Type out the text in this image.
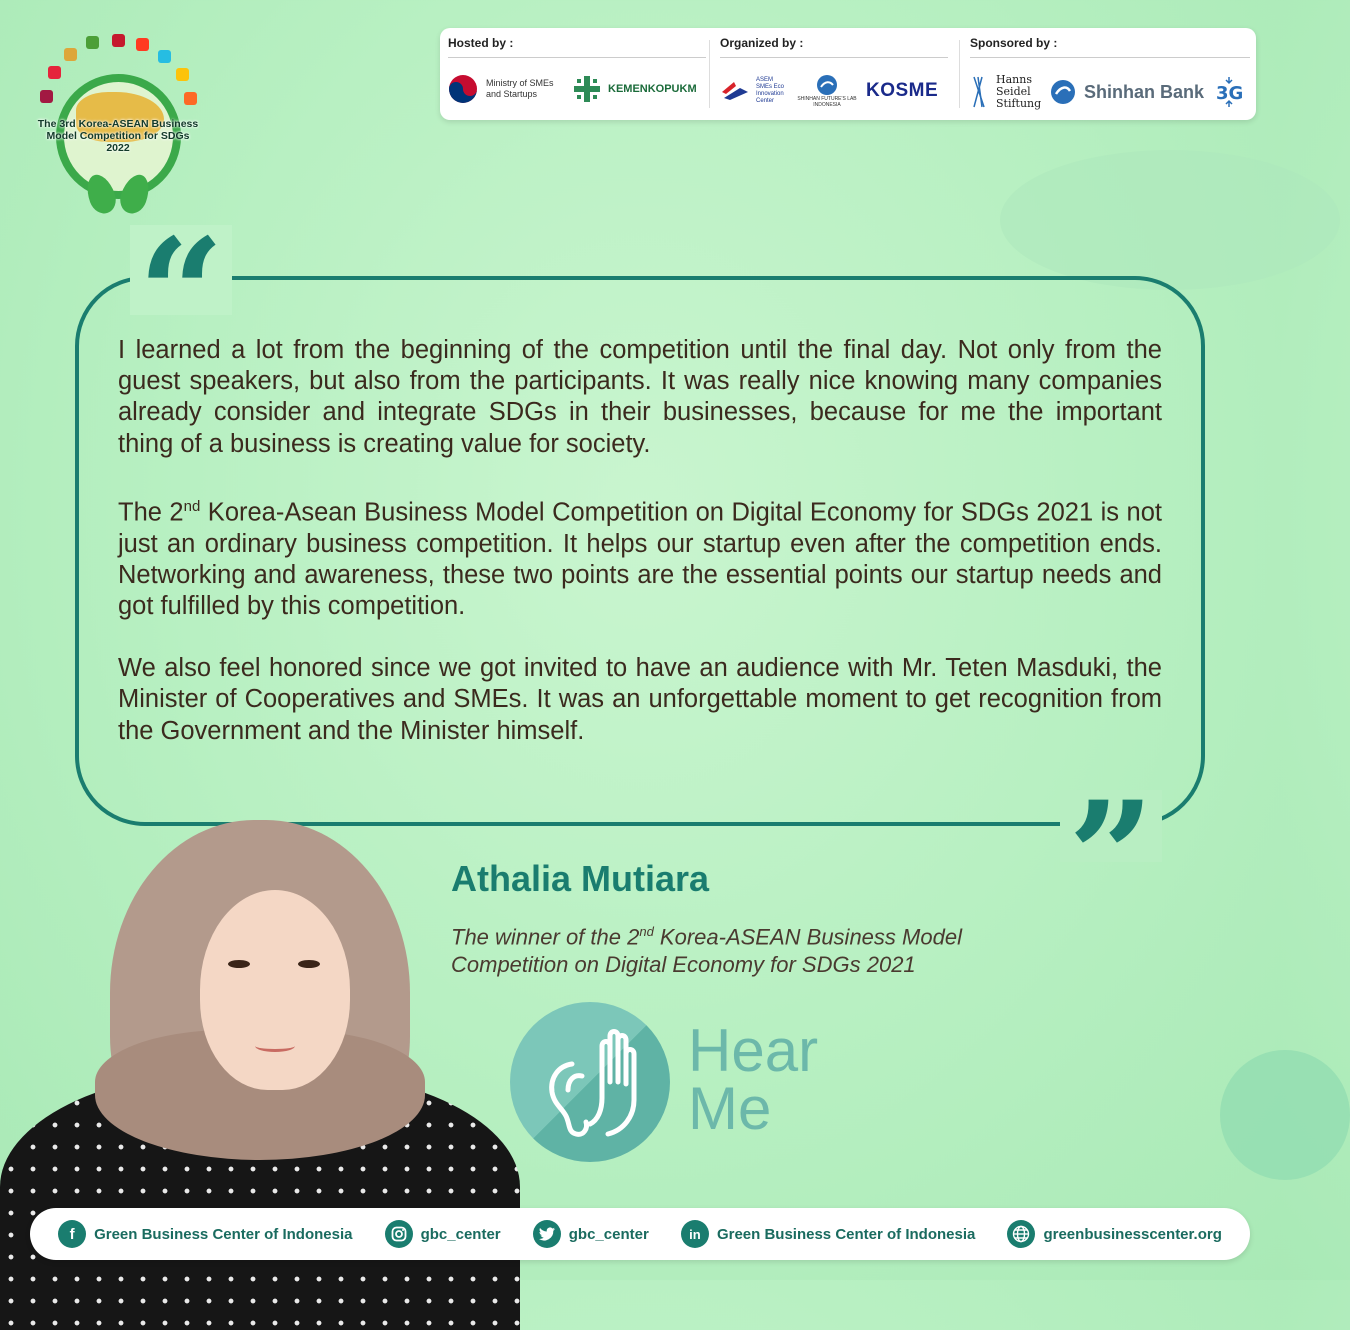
The 3rd Korea-ASEAN Business Model Competition for SDGs 2022
Hosted by :
Ministry of SMEs and Startups	KEMENKOPUKM
Organized by :
ASEM SMEs Eco Innovation Center	SHINHAN FUTURE'S LAB INDONESIA
KOSME
Sponsored by :
Hanns Seidel Stiftung
Shinhan Bank 3G
“
”

I learned a lot from the beginning of the competition until the final day. Not only from the guest speakers, but also from the participants. It was really nice knowing many companies already consider and integrate SDGs in their businesses, because for me the important thing of a business is creating value for society.

The 2nd Korea-Asean Business Model Competition on Digital Economy for SDGs 2021 is not just an ordinary business competition. It helps our startup even after the competition ends. Networking and awareness, these two points are the essential points our startup needs and got fulfilled by this competition.

We also feel honored since we got invited to have an audience with Mr. Teten Masduki, the Minister of Cooperatives and SMEs. It was an unforgettable moment to get recognition from the Government and the Minister himself.

Athalia Mutiara
The winner of the 2nd Korea-ASEAN Business Model Competition on Digital Economy for SDGs 2021
Hear
Me
f	Green Business Center of Indonesia	gbc_center	gbc_center	in	Green Business Center of Indonesia	greenbusinesscenter.org
